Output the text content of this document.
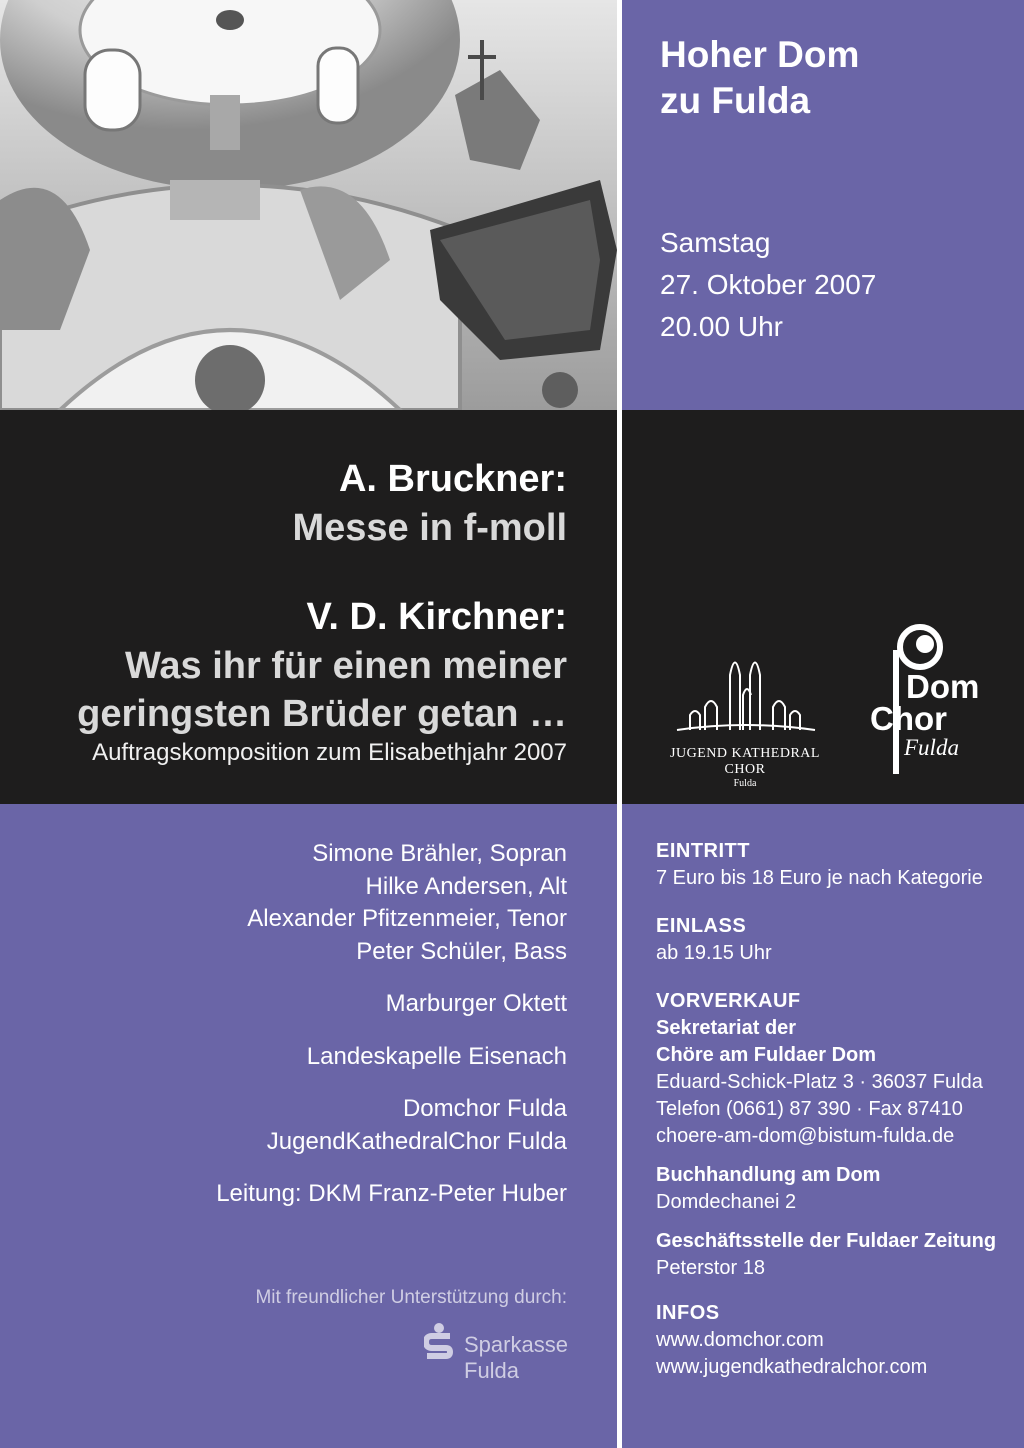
Hoher Dom
zu Fulda
Samstag
27. Oktober 2007
20.00 Uhr
A. Bruckner:
Messe in f-moll
V. D. Kirchner:
Was ihr für einen meiner
geringsten Brüder getan …
Auftragskomposition zum Elisabethjahr 2007	JUGEND KATHEDRAL CHOR
Fulda
Dom
Chor
Fulda
Simone Brähler, Sopran
Hilke Andersen, Alt
Alexander Pfitzenmeier, Tenor
Peter Schüler, Bass
Marburger Oktett
Landeskapelle Eisenach
Domchor Fulda
JugendKathedralChor Fulda
Leitung: DKM Franz-Peter Huber
Mit freundlicher Unterstützung durch:
Sparkasse
Fulda
EINTRITT
7 Euro bis 18 Euro je nach Kategorie
EINLASS
ab 19.15 Uhr
VORVERKAUF
Sekretariat der
Chöre am Fuldaer Dom
Eduard-Schick-Platz 3 · 36037 Fulda
Telefon (0661) 87 390 · Fax 87410
choere-am-dom@bistum-fulda.de
Buchhandlung am Dom
Domdechanei 2
Geschäftsstelle der Fuldaer Zeitung
Peterstor 18
INFOS
www.domchor.com
www.jugendkathedralchor.com
